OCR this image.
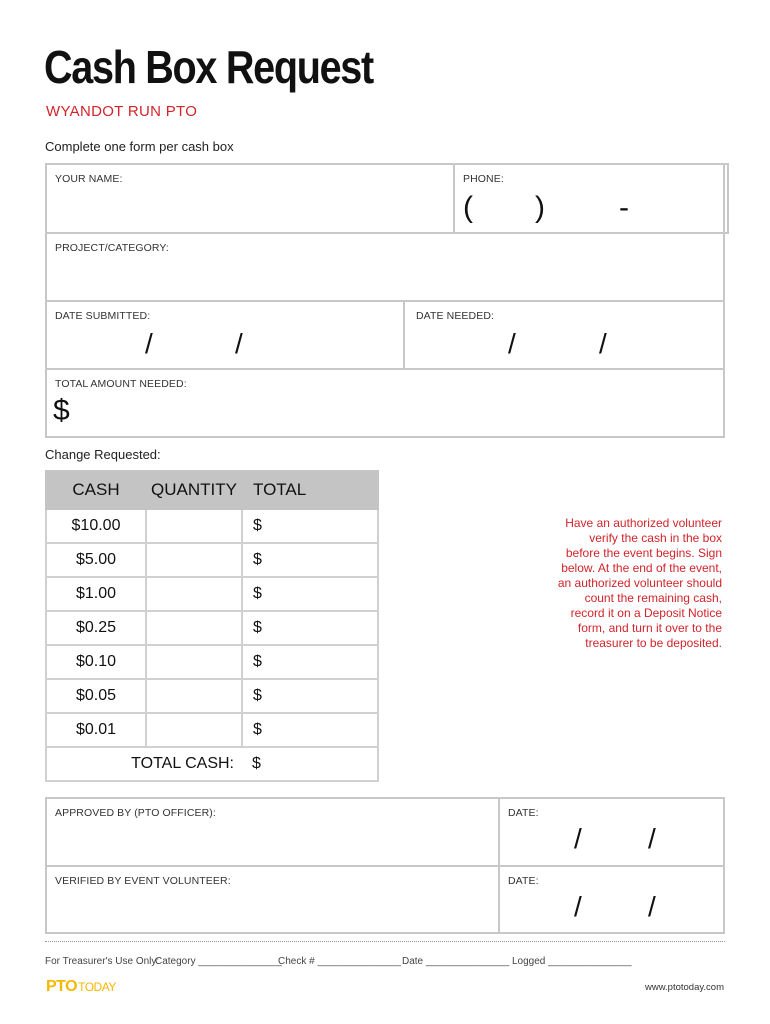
Cash Box Request
WYANDOT RUN PTO
Complete one form per cash box
YOUR NAME:	PHONE:
( ) -
PROJECT/CATEGORY:
DATE SUBMITTED:
/	/
DATE NEEDED:
/	/
TOTAL AMOUNT NEEDED:
$
Change Requested:
CASH	QUANTITY	TOTAL
$10.00		$
$5.00		$
$1.00		$
$0.25		$
$0.10		$
$0.05		$
$0.01		$
TOTAL CASH:		$
Have an authorized volunteer verify the cash in the box before the event begins. Sign below. At the end of the event, an authorized volunteer should count the remaining cash, record it on a Deposit Notice form, and turn it over to the treasurer to be deposited.
APPROVED BY (PTO OFFICER):	DATE:
/ /
VERIFIED BY EVENT VOLUNTEER:	DATE:
/ /
For Treasurer's Use Only:
Category _______________
Check # _______________ Date _______________ Logged _______________
PTOTODAY	www.ptotoday.com
